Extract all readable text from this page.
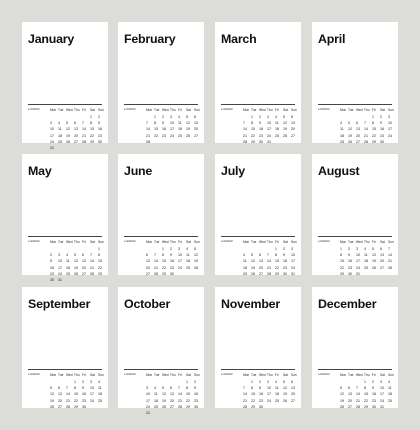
January
s-0I2022	Mon	Tue	Wed	Thu	Fri	Sat	Sun
					1	2
3	4	5	6	7	8	9
10	11	12	13	14	15	16
17	18	19	20	21	22	23
24	25	26	27	28	29	30
31						
February
s-0I2022	Mon	Tue	Wed	Thu	Fri	Sat	Sun
	1	2	3	4	5	6
7	8	9	10	11	12	13
14	15	16	17	18	19	20
21	22	23	24	25	26	27
28						
March
s-0I2022	Mon	Tue	Wed	Thu	Fri	Sat	Sun
	1	2	3	4	5	6
7	8	9	10	11	12	13
14	15	16	17	18	19	20
21	22	23	24	25	26	27
28	29	30	31			
April
s-0I2022	Mon	Tue	Wed	Thu	Fri	Sat	Sun
				1	2	3
4	5	6	7	8	9	10
11	12	13	14	15	16	17
18	19	20	21	22	23	24
25	26	27	28	29	30	
May
s-0I2022	Mon	Tue	Wed	Thu	Fri	Sat	Sun
						1
2	3	4	5	6	7	8
9	10	11	12	13	14	15
16	17	18	19	20	21	22
23	24	25	26	27	28	29
30	31					
June
s-0I2022	Mon	Tue	Wed	Thu	Fri	Sat	Sun
		1	2	3	4	5
6	7	8	9	10	11	12
13	14	15	16	17	18	19
20	21	22	23	24	25	26
27	28	29	30			
July
s-0I2022	Mon	Tue	Wed	Thu	Fri	Sat	Sun
				1	2	3
4	5	6	7	8	9	10
11	12	13	14	15	16	17
18	19	20	21	22	23	24
25	26	27	28	29	30	31
August
s-0I2022	Mon	Tue	Wed	Thu	Fri	Sat	Sun
1	2	3	4	5	6	7
8	9	10	11	12	13	14
15	16	17	18	19	20	21
22	23	24	25	26	27	28
29	30	31				
September
s-0I2022	Mon	Tue	Wed	Thu	Fri	Sat	Sun
			1	2	3	4
5	6	7	8	9	10	11
12	13	14	15	16	17	18
19	20	21	22	23	24	25
26	27	28	29	30		
October
s-0I2022	Mon	Tue	Wed	Thu	Fri	Sat	Sun
					1	2
3	4	5	6	7	8	9
10	11	12	13	14	15	16
17	18	19	20	21	22	23
24	25	26	27	28	29	30
31						
November
s-0I2022	Mon	Tue	Wed	Thu	Fri	Sat	Sun
	1	2	3	4	5	6
7	8	9	10	11	12	13
14	15	16	17	18	19	20
21	22	23	24	25	26	27
28	29	30				
December
s-0I2022	Mon	Tue	Wed	Thu	Fri	Sat	Sun
			1	2	3	4
5	6	7	8	9	10	11
12	13	14	15	16	17	18
19	20	21	22	23	24	25
26	27	28	29	30	31	
